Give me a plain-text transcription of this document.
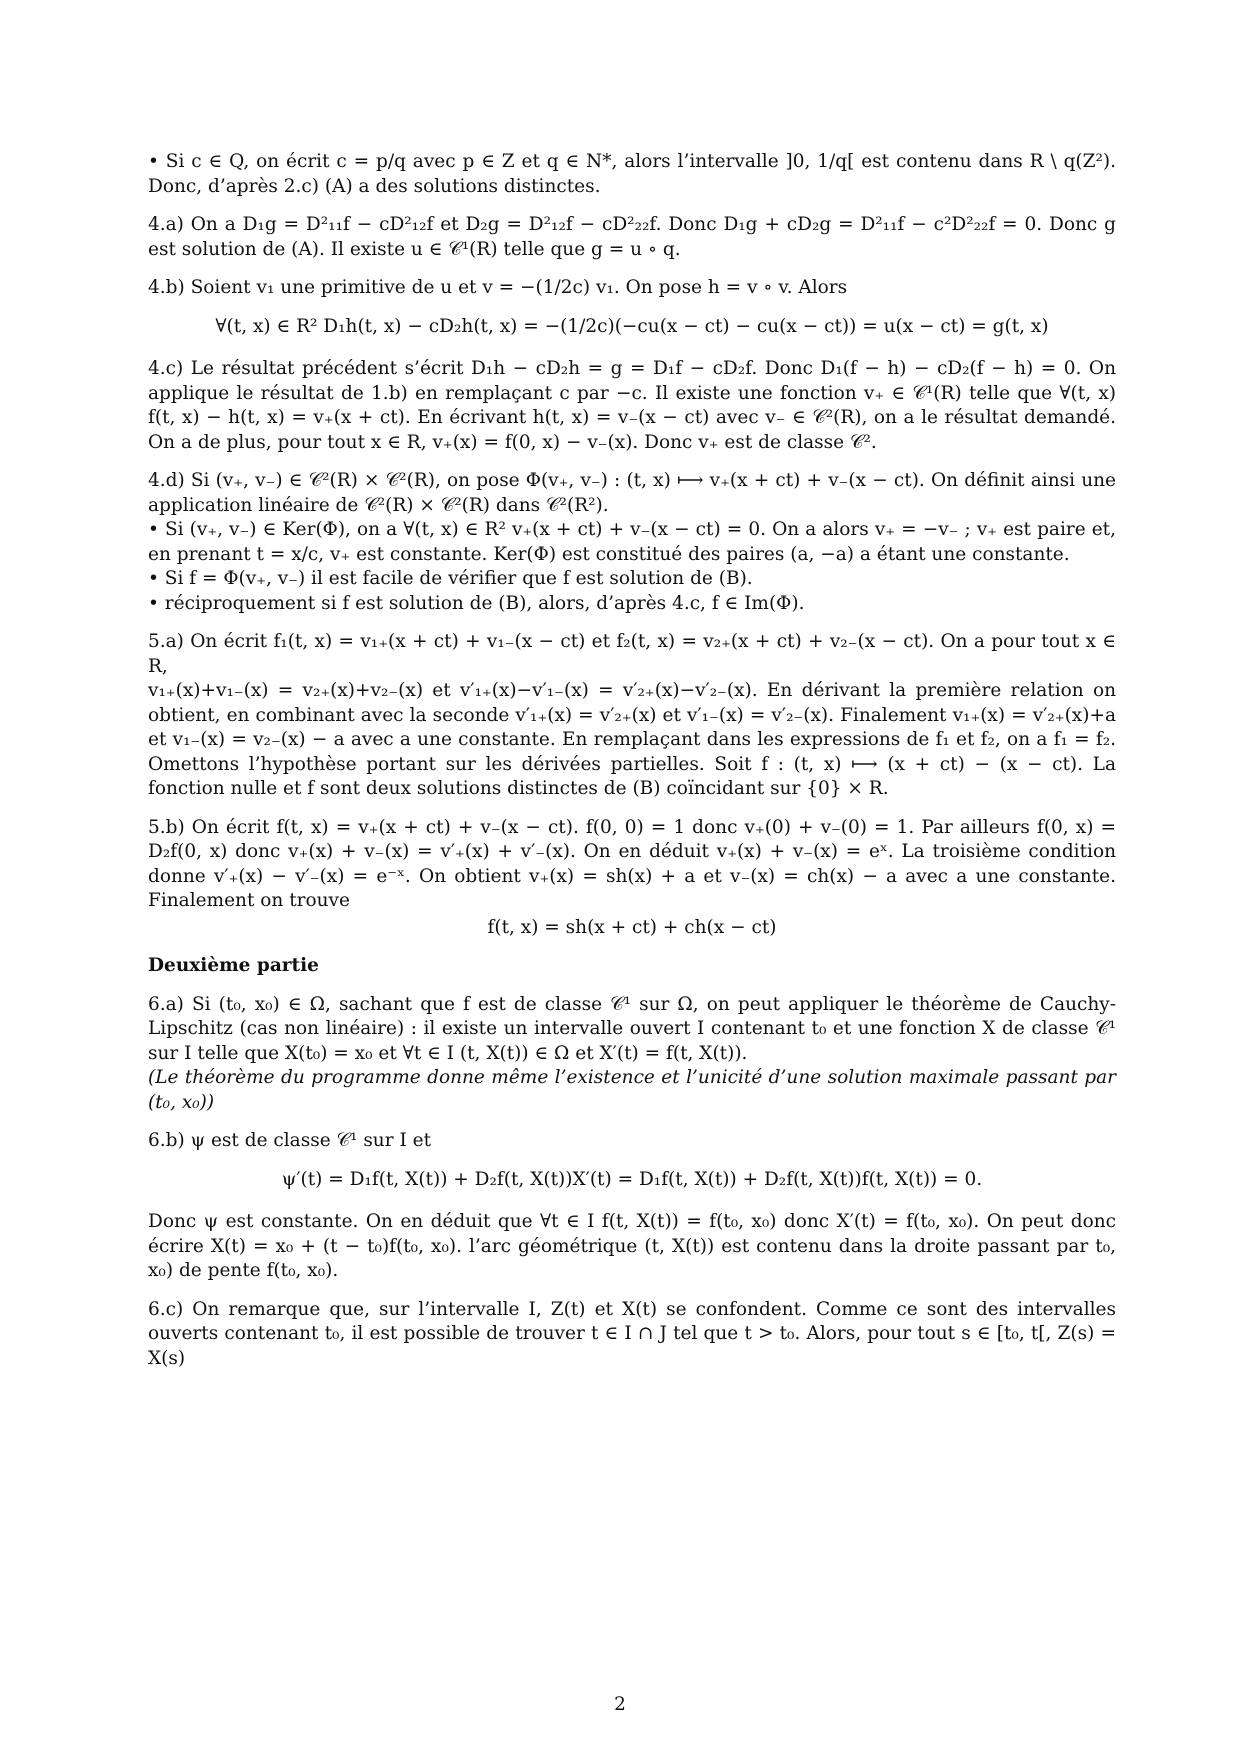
• Si c ∈ Q, on écrit c = p/q avec p ∈ Z et q ∈ N*, alors l’intervalle ]0, 1/q[ est contenu dans R \ q(Z²). Donc, d’après 2.c) (A) a des solutions distinctes.

4.a) On a D₁g = D²₁₁f − cD²₁₂f et D₂g = D²₁₂f − cD²₂₂f. Donc D₁g + cD₂g = D²₁₁f − c²D²₂₂f = 0. Donc g est solution de (A). Il existe u ∈ 𝒞¹(R) telle que g = u ∘ q.

4.b) Soient v₁ une primitive de u et v = −(1/2c) v₁. On pose h = v ∘ v. Alors

∀(t, x) ∈ R² D₁h(t, x) − cD₂h(t, x) = −(1/2c)(−cu(x − ct) − cu(x − ct)) = u(x − ct) = g(t, x)

4.c) Le résultat précédent s’écrit D₁h − cD₂h = g = D₁f − cD₂f. Donc D₁(f − h) − cD₂(f − h) = 0. On applique le résultat de 1.b) en remplaçant c par −c. Il existe une fonction v₊ ∈ 𝒞¹(R) telle que ∀(t, x) f(t, x) − h(t, x) = v₊(x + ct). En écrivant h(t, x) = v₋(x − ct) avec v₋ ∈ 𝒞²(R), on a le résultat demandé. On a de plus, pour tout x ∈ R, v₊(x) = f(0, x) − v₋(x). Donc v₊ est de classe 𝒞².

4.d) Si (v₊, v₋) ∈ 𝒞²(R) × 𝒞²(R), on pose Φ(v₊, v₋) : (t, x) ⟼ v₊(x + ct) + v₋(x − ct). On définit ainsi une application linéaire de 𝒞²(R) × 𝒞²(R) dans 𝒞²(R²).
• Si (v₊, v₋) ∈ Ker(Φ), on a ∀(t, x) ∈ R² v₊(x + ct) + v₋(x − ct) = 0. On a alors v₊ = −v₋ ; v₊ est paire et, en prenant t = x/c, v₊ est constante. Ker(Φ) est constitué des paires (a, −a) a étant une constante.
• Si f = Φ(v₊, v₋) il est facile de vérifier que f est solution de (B).
• réciproquement si f est solution de (B), alors, d’après 4.c, f ∈ Im(Φ).

5.a) On écrit f₁(t, x) = v₁₊(x + ct) + v₁₋(x − ct) et f₂(t, x) = v₂₊(x + ct) + v₂₋(x − ct). On a pour tout x ∈ R,
v₁₊(x)+v₁₋(x) = v₂₊(x)+v₂₋(x) et v′₁₊(x)−v′₁₋(x) = v′₂₊(x)−v′₂₋(x). En dérivant la première relation on obtient, en combinant avec la seconde v′₁₊(x) = v′₂₊(x) et v′₁₋(x) = v′₂₋(x). Finalement v₁₊(x) = v′₂₊(x)+a et v₁₋(x) = v₂₋(x) − a avec a une constante. En remplaçant dans les expressions de f₁ et f₂, on a f₁ = f₂. Omettons l’hypothèse portant sur les dérivées partielles. Soit f : (t, x) ⟼ (x + ct) − (x − ct). La fonction nulle et f sont deux solutions distinctes de (B) coïncidant sur {0} × R.

5.b) On écrit f(t, x) = v₊(x + ct) + v₋(x − ct). f(0, 0) = 1 donc v₊(0) + v₋(0) = 1. Par ailleurs f(0, x) = D₂f(0, x) donc v₊(x) + v₋(x) = v′₊(x) + v′₋(x). On en déduit v₊(x) + v₋(x) = eˣ. La troisième condition donne v′₊(x) − v′₋(x) = e⁻ˣ. On obtient v₊(x) = sh(x) + a et v₋(x) = ch(x) − a avec a une constante. Finalement on trouve

f(t, x) = sh(x + ct) + ch(x − ct)

Deuxième partie

6.a) Si (t₀, x₀) ∈ Ω, sachant que f est de classe 𝒞¹ sur Ω, on peut appliquer le théorème de Cauchy-Lipschitz (cas non linéaire) : il existe un intervalle ouvert I contenant t₀ et une fonction X de classe 𝒞¹ sur I telle que X(t₀) = x₀ et ∀t ∈ I (t, X(t)) ∈ Ω et X′(t) = f(t, X(t)).

(Le théorème du programme donne même l’existence et l’unicité d’une solution maximale passant par (t₀, x₀))

6.b) ψ est de classe 𝒞¹ sur I et

ψ′(t) = D₁f(t, X(t)) + D₂f(t, X(t))X′(t) = D₁f(t, X(t)) + D₂f(t, X(t))f(t, X(t)) = 0.

Donc ψ est constante. On en déduit que ∀t ∈ I f(t, X(t)) = f(t₀, x₀) donc X′(t) = f(t₀, x₀). On peut donc écrire X(t) = x₀ + (t − t₀)f(t₀, x₀). l’arc géométrique (t, X(t)) est contenu dans la droite passant par t₀, x₀) de pente f(t₀, x₀).

6.c) On remarque que, sur l’intervalle I, Z(t) et X(t) se confondent. Comme ce sont des intervalles ouverts contenant t₀, il est possible de trouver t ∈ I ∩ J tel que t > t₀. Alors, pour tout s ∈ [t₀, t[, Z(s) = X(s)

2
